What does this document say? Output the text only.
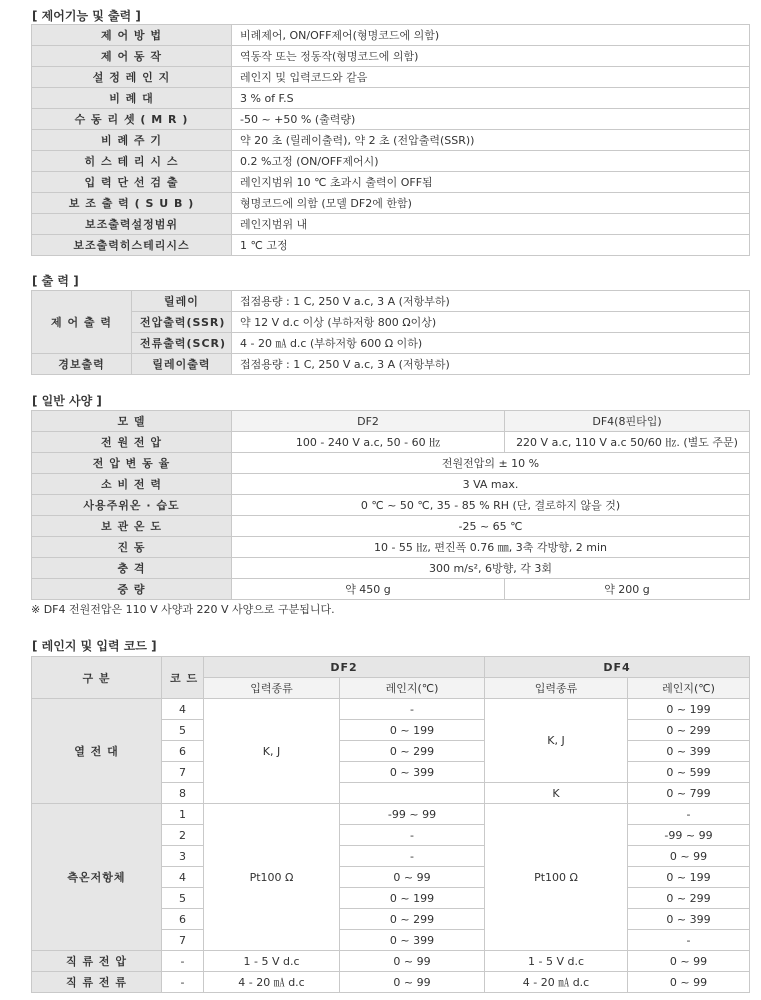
[ 제어기능 및 출력 ]

제 어 방 법	비례제어, ON/OFF제어(형명코드에 의함)
제 어 동 작	역동작 또는 정동작(형명코드에 의함)
설 정 레 인 지	레인지 및 입력코드와 같음
비 례 대	3 % of F.S
수 동 리 셋 ( M R )	-50 ~ +50 % (출력량)
비 례 주 기	약 20 초 (릴레이출력), 약 2 초 (전압출력(SSR))
히 스 테 리 시 스	0.2 %고정 (ON/OFF제어시)
입 력 단 선 검 출	레인지범위 10 ℃ 초과시 출력이 OFF됨
보 조 출 력 ( S U B )	형명코드에 의함 (모델 DF2에 한함)
보조출력설정범위	레인지범위 내
보조출력히스테리시스	1 ℃ 고정

[ 출 력 ]

제 어 출 력	릴레이	접점용량 : 1 C, 250 V a.c, 3 A (저항부하)
	전압출력(SSR)	약 12 V d.c 이상 (부하저항 800 Ω이상)
	전류출력(SCR)	4 - 20 ㎃ d.c (부하저항 600 Ω 이하)
경보출력	릴레이출력	접점용량 : 1 C, 250 V a.c, 3 A (저항부하)

[ 일반 사양 ]

모 델	DF2	DF4(8핀타입)
전 원 전 압	100 - 240 V a.c, 50 - 60 ㎐	220 V a.c, 110 V a.c 50/60 ㎐. (별도 주문)
전 압 변 동 율	전원전압의 ± 10 %	
소 비 전 력	3 VA max.	
사용주위온 · 습도	0 ℃ ~ 50 ℃, 35 - 85 % RH (단, 결로하지 않을 것)	
보 관 온 도	-25 ~ 65 ℃	
진 동	10 - 55 ㎐, 편진폭 0.76 ㎜, 3축 각방향, 2 min	
충 격	300 m/s², 6방향, 각 3회	
중 량	약 450 g	약 200 g

※ DF4 전원전압은 110 V 사양과 220 V 사양으로 구분됩니다.

[ 레인지 및 입력 코드 ]

구 분	코 드	DF2		DF4	
		입력종류	레인지(℃)	입력종류	레인지(℃)
열 전 대	4	K, J	-	K, J	0 ~ 199
	5		0 ~ 199		0 ~ 299
	6		0 ~ 299		0 ~ 399
	7		0 ~ 399		0 ~ 599
	8			K	0 ~ 799
측온저항체	1	Pt100 Ω	-99 ~ 99	Pt100 Ω	-
	2		-		-99 ~ 99
	3		-		0 ~ 99
	4		0 ~ 99		0 ~ 199
	5		0 ~ 199		0 ~ 299
	6		0 ~ 299		0 ~ 399
	7		0 ~ 399		-
직 류 전 압	-	1 - 5 V d.c	0 ~ 99	1 - 5 V d.c	0 ~ 99
직 류 전 류	-	4 - 20 ㎃ d.c	0 ~ 99	4 - 20 ㎃ d.c	0 ~ 99
